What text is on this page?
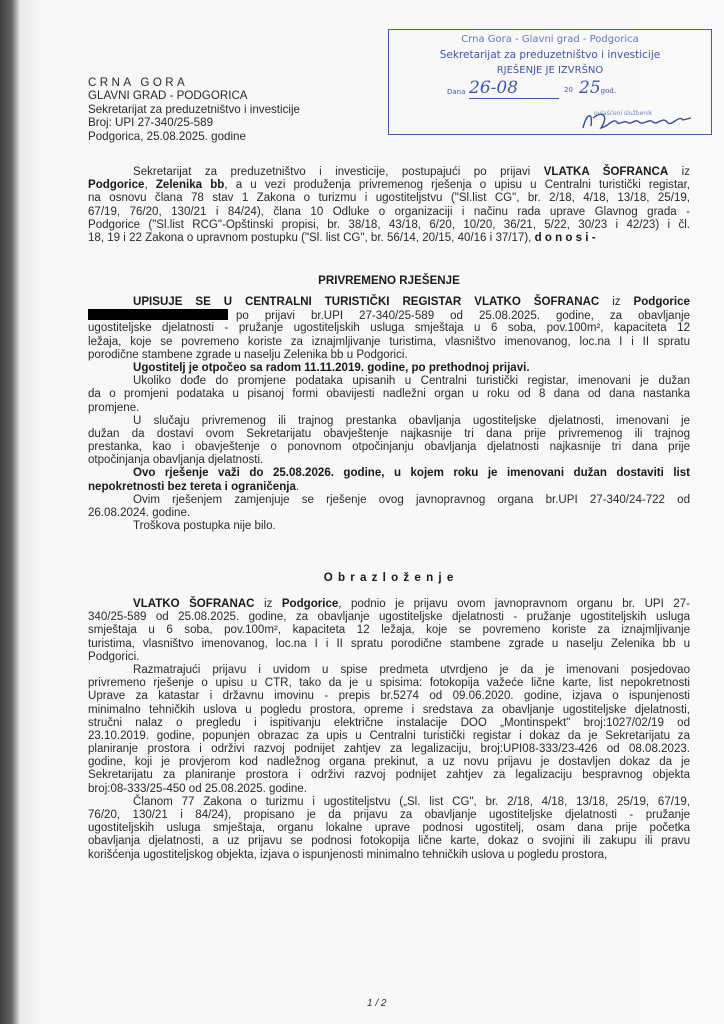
CRNA GORA
GLAVNI GRAD - PODGORICA
Sekretarijat za preduzetništvo i investicije
Broj: UPI 27-340/25-589
Podgorica, 25.08.2025. godine
Crna Gora - Glavni grad - Podgorica
Sekretarijat za preduzetništvo i investicije
RJEŠENJE JE IZVRŠNO
Dana 26-08	20 25god.
ovlašćeni službenik
Sekretarijat za preduzetništvo i investicije, postupajući po prijavi VLATKA ŠOFRANCA iz
Podgorice, Zelenika bb, a u vezi produženja privremenog rješenja o upisu u Centralni turistički registar,
na osnovu člana 78 stav 1 Zakona o turizmu i ugostiteljstvu ("Sl.list CG", br. 2/18, 4/18, 13/18, 25/19,
67/19, 76/20, 130/21 i 84/24), člana 10 Odluke o organizaciji i načinu rada uprave Glavnog grada -
Podgorice ("Sl.list RCG"-Opštinski propisi, br. 38/18, 43/18, 6/20, 10/20, 36/21, 5/22, 30/23 i 42/23) i čl.
18, 19 i 22 Zakona o upravnom postupku ("Sl. list CG", br. 56/14, 20/15, 40/16 i 37/17), d o n o s i -
PRIVREMENO RJEŠENJE
UPISUJE SE U CENTRALNI TURISTIČKI REGISTAR VLATKO ŠOFRANAC iz Podgorice
po prijavi br.UPI 27-340/25-589 od 25.08.2025. godine, za obavljanje
ugostiteljske djelatnosti - pružanje ugostiteljskih usluga smještaja u 6 soba, pov.100m², kapaciteta 12
ležaja, koje se povremeno koriste za iznajmljivanje turistima, vlasništvo imenovanog, loc.na I i II spratu
porodične stambene zgrade u naselju Zelenika bb u Podgorici.
Ugostitelj je otpočeo sa radom 11.11.2019. godine, po prethodnoj prijavi.
Ukoliko dođe do promjene podataka upisanih u Centralni turistički registar, imenovani je dužan
da o promjeni podataka u pisanoj formi obavijesti nadležni organ u roku od 8 dana od dana nastanka
promjene.
U slučaju privremenog ili trajnog prestanka obavljanja ugostiteljske djelatnosti, imenovani je
dužan da dostavi ovom Sekretarijatu obavještenje najkasnije tri dana prije privremenog ili trajnog
prestanka, kao i obavještenje o ponovnom otpočinjanju obavljanja djelatnosti najkasnije tri dana prije
otpočinjanja obavljanja djelatnosti.
Ovo rješenje važi do 25.08.2026. godine, u kojem roku je imenovani dužan dostaviti list
nepokretnosti bez tereta i ograničenja.
Ovim rješenjem zamjenjuje se rješenje ovog javnopravnog organa br.UPI 27-340/24-722 od
26.08.2024. godine.
Troškova postupka nije bilo.
O b r a z l o ž e n j e
VLATKO ŠOFRANAC iz Podgorice, podnio je prijavu ovom javnopravnom organu br. UPI 27-
340/25-589 od 25.08.2025. godine, za obavljanje ugostiteljske djelatnosti - pružanje ugostiteljskih usluga
smještaja u 6 soba, pov.100m², kapaciteta 12 ležaja, koje se povremeno koriste za iznajmljivanje
turistima, vlasništvo imenovanog, loc.na I i II spratu porodične stambene zgrade u naselju Zelenika bb u
Podgorici.
Razmatrajući prijavu i uvidom u spise predmeta utvrdjeno je da je imenovani posjedovao
privremeno rješenje o upisu u CTR, tako da je u spisima: fotokopija važeće lične karte, list nepokretnosti
Uprave za katastar i državnu imovinu - prepis br.5274 od 09.06.2020. godine, izjava o ispunjenosti
minimalno tehničkih uslova u pogledu prostora, opreme i sredstava za obavljanje ugostiteljske djelatnosti,
stručni nalaz o pregledu i ispitivanju električne instalacije DOO „Montinspekt" broj:1027/02/19 od
23.10.2019. godine, popunjen obrazac za upis u Centralni turistički registar i dokaz da je Sekretarijatu za
planiranje prostora i održivi razvoj podnijet zahtjev za legalizaciju, broj:UPI08-333/23-426 od 08.08.2023.
godine, koji je provjerom kod nadležnog organa prekinut, a uz novu prijavu je dostavljen dokaz da je
Sekretarijatu za planiranje prostora i održivi razvoj podnijet zahtjev za legalizaciju bespravnog objekta
broj:08-333/25-450 od 25.08.2025. godine.
Članom 77 Zakona o turizmu i ugostiteljstvu („Sl. list CG", br. 2/18, 4/18, 13/18, 25/19, 67/19,
76/20, 130/21 i 84/24), propisano je da prijavu za obavljanje ugostiteljske djelatnosti - pružanje
ugostiteljskih usluga smještaja, organu lokalne uprave podnosi ugostitelj, osam dana prije početka
obavljanja djelatnosti, a uz prijavu se podnosi fotokopija lične karte, dokaz o svojini ili zakupu ili pravu
korišćenja ugostiteljskog objekta, izjava o ispunjenosti minimalno tehničkih uslova u pogledu prostora,
1 / 2
